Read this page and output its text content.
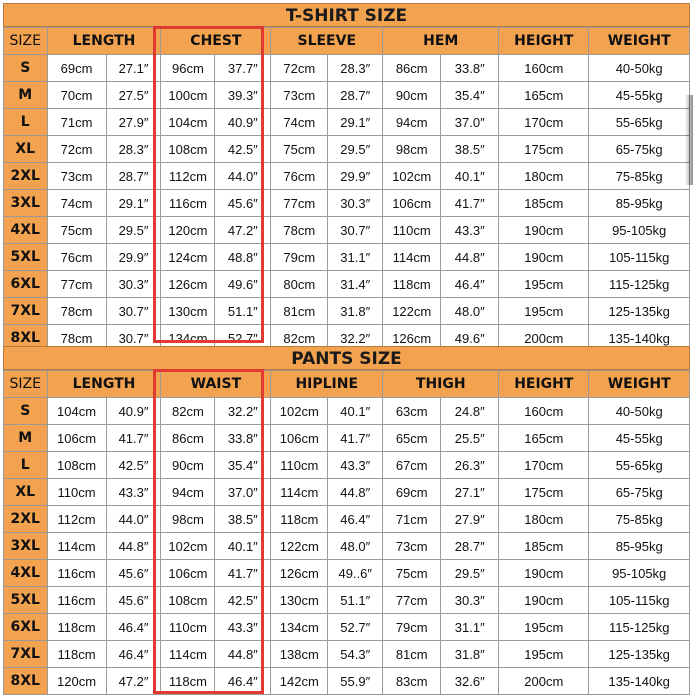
T-SHIRT SIZE
SIZE	LENGTH		CHEST		SLEEVE		HEM		HEIGHT	WEIGHT
S	69cm	27.1″	96cm	37.7″	72cm	28.3″	86cm	33.8″	160cm	40-50kg
M	70cm	27.5″	100cm	39.3″	73cm	28.7″	90cm	35.4″	165cm	45-55kg
L	71cm	27.9″	104cm	40.9″	74cm	29.1″	94cm	37.0″	170cm	55-65kg
XL	72cm	28.3″	108cm	42.5″	75cm	29.5″	98cm	38.5″	175cm	65-75kg
2XL	73cm	28.7″	112cm	44.0″	76cm	29.9″	102cm	40.1″	180cm	75-85kg
3XL	74cm	29.1″	116cm	45.6″	77cm	30.3″	106cm	41.7″	185cm	85-95kg
4XL	75cm	29.5″	120cm	47.2″	78cm	30.7″	110cm	43.3″	190cm	95-105kg
5XL	76cm	29.9″	124cm	48.8″	79cm	31.1″	114cm	44.8″	190cm	105-115kg
6XL	77cm	30.3″	126cm	49.6″	80cm	31.4″	118cm	46.4″	195cm	115-125kg
7XL	78cm	30.7″	130cm	51.1″	81cm	31.8″	122cm	48.0″	195cm	125-135kg
8XL	78cm	30.7″	134cm	52.7″	82cm	32.2″	126cm	49.6″	200cm	135-140kg
PANTS SIZE
SIZE	LENGTH		WAIST		HIPLINE		THIGH		HEIGHT	WEIGHT
S	104cm	40.9″	82cm	32.2″	102cm	40.1″	63cm	24.8″	160cm	40-50kg
M	106cm	41.7″	86cm	33.8″	106cm	41.7″	65cm	25.5″	165cm	45-55kg
L	108cm	42.5″	90cm	35.4″	110cm	43.3″	67cm	26.3″	170cm	55-65kg
XL	110cm	43.3″	94cm	37.0″	114cm	44.8″	69cm	27.1″	175cm	65-75kg
2XL	112cm	44.0″	98cm	38.5″	118cm	46.4″	71cm	27.9″	180cm	75-85kg
3XL	114cm	44.8″	102cm	40.1″	122cm	48.0″	73cm	28.7″	185cm	85-95kg
4XL	116cm	45.6″	106cm	41.7″	126cm	49..6″	75cm	29.5″	190cm	95-105kg
5XL	116cm	45.6″	108cm	42.5″	130cm	51.1″	77cm	30.3″	190cm	105-115kg
6XL	118cm	46.4″	110cm	43.3″	134cm	52.7″	79cm	31.1″	195cm	115-125kg
7XL	118cm	46.4″	114cm	44.8″	138cm	54.3″	81cm	31.8″	195cm	125-135kg
8XL	120cm	47.2″	118cm	46.4″	142cm	55.9″	83cm	32.6″	200cm	135-140kg
